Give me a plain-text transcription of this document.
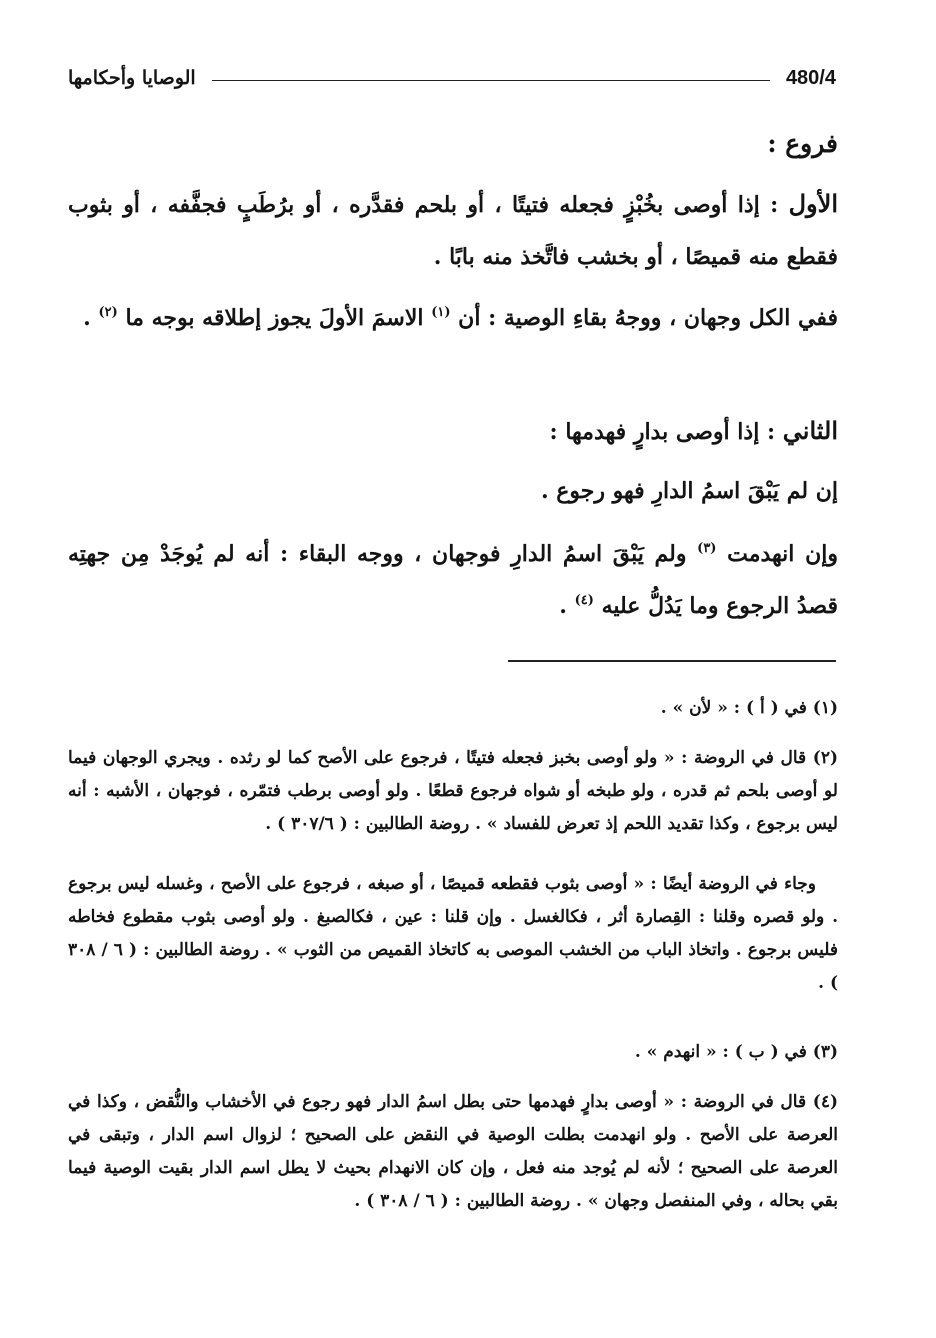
الوصايا وأحكامها	480/4
فروع :
الأول : إذا أوصى بخُبْزٍ فجعله فتيتًا ، أو بلحم فقدَّره ، أو برُطَبٍ فجفَّفه ، أو بثوب فقطع منه قميصًا ، أو بخشب فاتَّخذ منه بابًا .
ففي الكل وجهان ، ووجهُ بقاءِ الوصية : أن $^{(١)}$ الاسمَ الأولَ يجوز إطلاقه بوجه ما $^{(٢)}$ .
الثاني : إذا أوصى بدارٍ فهدمها :
إن لم يَبْقَ اسمُ الدارِ فهو رجوع .
وإن انهدمت $^{(٣)}$ ولم يَبْقَ اسمُ الدارِ فوجهان ، ووجه البقاء : أنه لم يُوجَدْ مِن جهتِه قصدُ الرجوع وما يَدُلُّ عليه $^{(٤)}$ .
(١) في ( أ ) : « لأن » .
(٢) قال في الروضة : « ولو أوصى بخبز فجعله فتيتًا ، فرجوع على الأصح كما لو رثده . ويجري الوجهان فيما لو أوصى بلحم ثم قدره ، ولو طبخه أو شواه فرجوع قطعًا . ولو أوصى برطب فتمّره ، فوجهان ، الأشبه : أنه ليس برجوع ، وكذا تقديد اللحم إذ تعرض للفساد » . روضة الطالبين : ( ٣٠٧/٦ ) .
وجاء في الروضة أيضًا : « أوصى بثوب فقطعه قميصًا ، أو صبغه ، فرجوع على الأصح ، وغسله ليس برجوع . ولو قصره وقلنا : القِصارة أثر ، فكالغسل . وإن قلنا : عين ، فكالصبغ . ولو أوصى بثوب مقطوع فخاطه فليس برجوع . واتخاذ الباب من الخشب الموصى به كاتخاذ القميص من الثوب » . روضة الطالبين : ( ٦ / ٣٠٨ ) .
(٣) في ( ب ) : « انهدم » .
(٤) قال في الروضة : « أوصى بدارٍ فهدمها حتى بطل اسمُ الدار فهو رجوع في الأخشاب والنُّقض ، وكذا في العرصة على الأصح . ولو انهدمت بطلت الوصية في النقض على الصحيح ؛ لزوال اسم الدار ، وتبقى في العرصة على الصحيح ؛ لأنه لم يُوجد منه فعل ، وإن كان الانهدام بحيث لا يطل اسم الدار بقيت الوصية فيما بقي بحاله ، وفي المنفصل وجهان » . روضة الطالبين : ( ٦ / ٣٠٨ ) .
